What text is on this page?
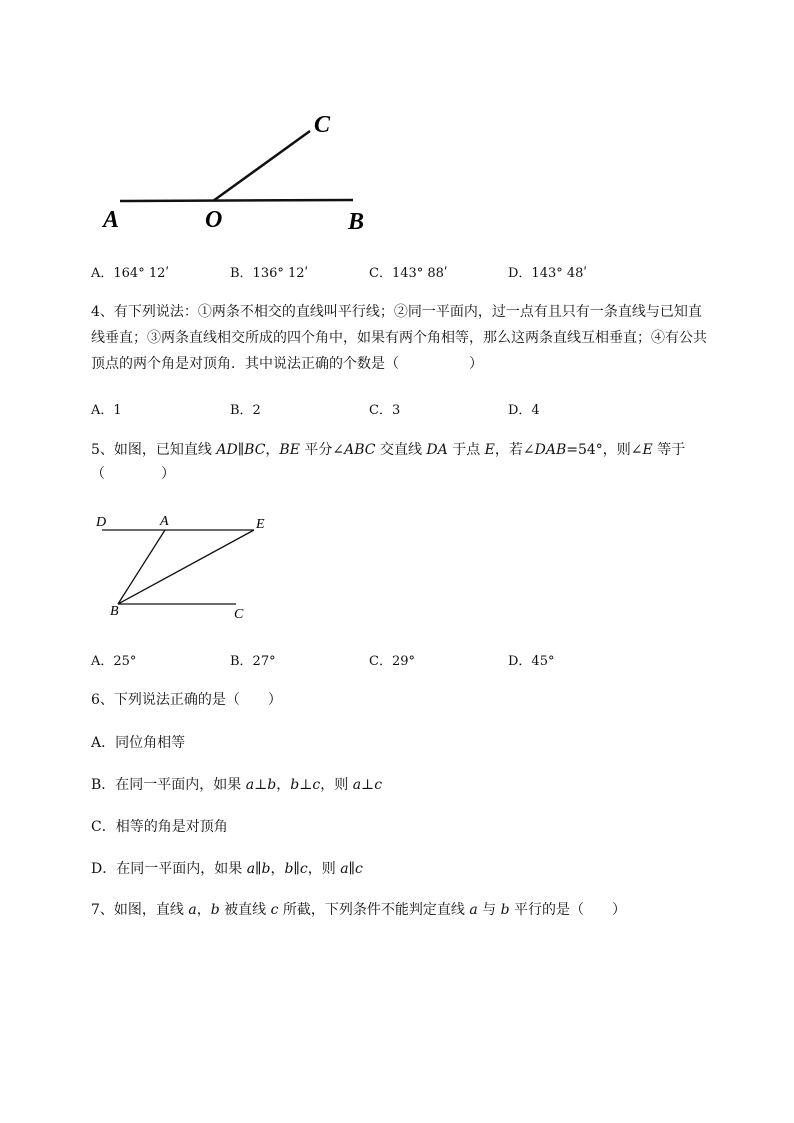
A	O	B
C
A．164° 12ʹ	B．136° 12ʹ	C．143° 88ʹ	D．143° 48ʹ
4、有下列说法：①两条不相交的直线叫平行线；②同一平面内，过一点有且只有一条直线与已知直
线垂直；③两条直线相交所成的四个角中，如果有两个角相等，那么这两条直线互相垂直；④有公共
顶点的两个角是对顶角．其中说法正确的个数是（　　　　　）
A．1	B．2	C．3	D．4
5、如图，已知直线 AD∥BC，BE 平分∠ABC 交直线 DA 于点 E，若∠DAB=54°，则∠E 等于
（　　　　）
D	A	E
B	C
A．25°	B．27°	C．29°	D．45°
6、下列说法正确的是（　　）
A．同位角相等
B．在同一平面内，如果 a⊥b，b⊥c，则 a⊥c
C．相等的角是对顶角
D．在同一平面内，如果 a∥b，b∥c，则 a∥c
7、如图，直线 a，b 被直线 c 所截，下列条件不能判定直线 a 与 b 平行的是（　　）
